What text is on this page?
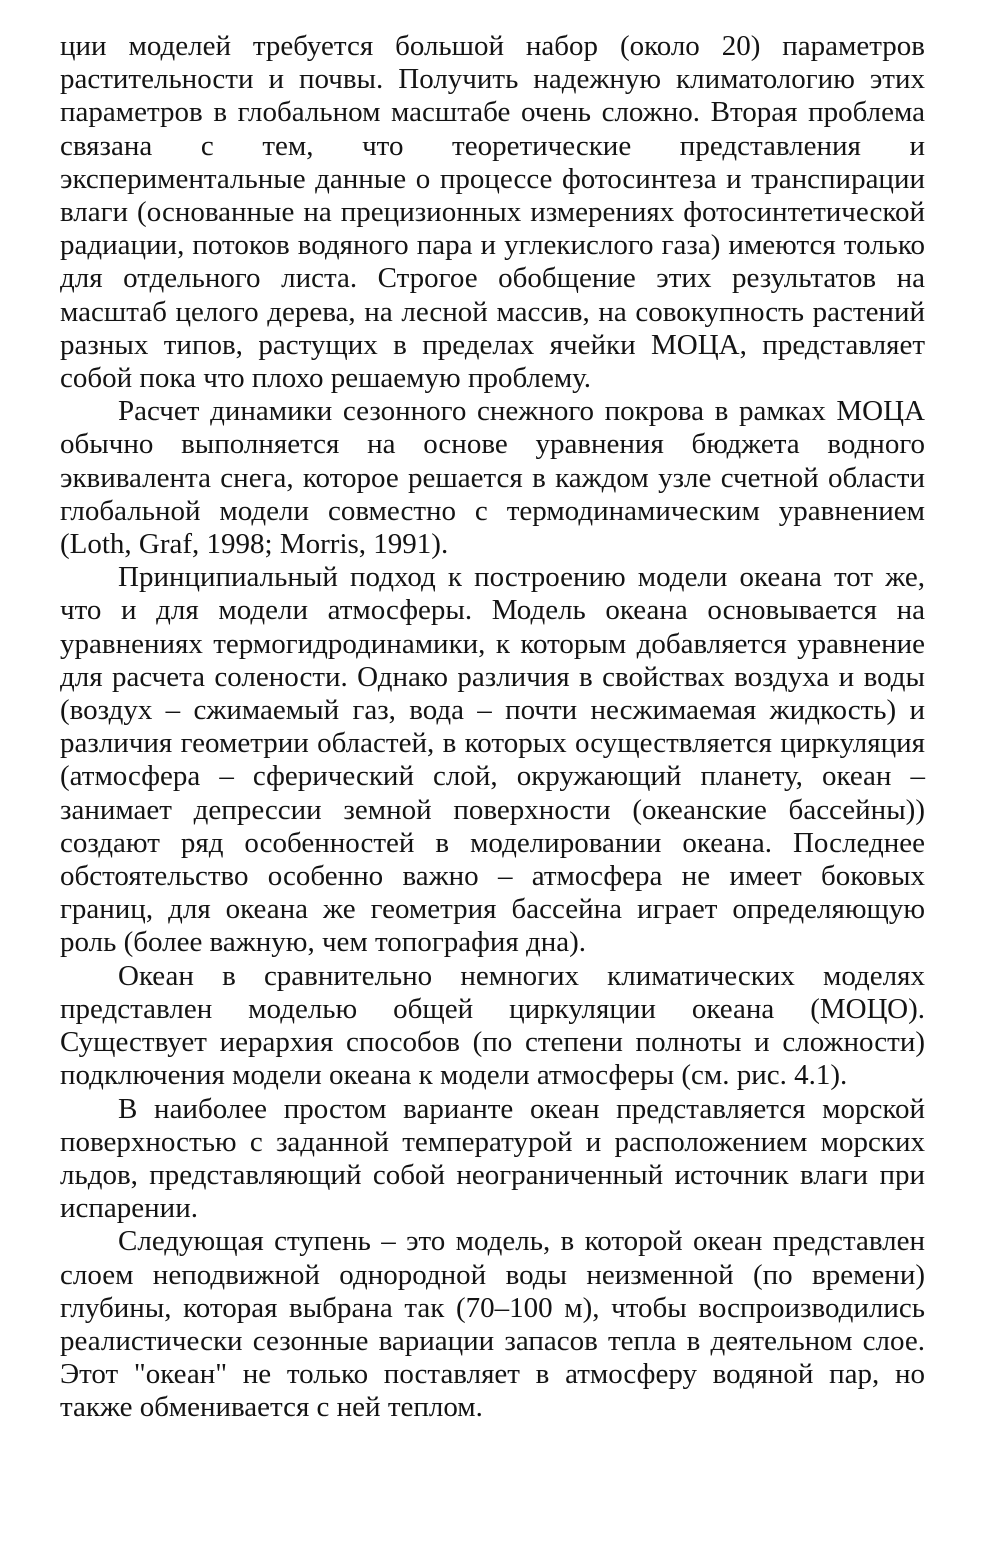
ции моделей требуется большой набор (около 20) параметров растительности и почвы. Получить надежную климатологию этих параметров в глобальном масштабе очень сложно. Вторая проблема связана с тем, что теоретические представления и экспериментальные данные о процессе фотосинтеза и транспирации влаги (основанные на прецизионных измерениях фотосинтетической радиации, потоков водяного пара и углекислого газа) имеются только для отдельного листа. Строгое обобщение этих результатов на масштаб целого дерева, на лесной массив, на совокупность растений разных типов, растущих в пределах ячейки МОЦА, представляет собой пока что плохо решаемую проблему.

Расчет динамики сезонного снежного покрова в рамках МОЦА обычно выполняется на основе уравнения бюджета водного эквивалента снега, которое решается в каждом узле счетной области глобальной модели совместно с термодинамическим уравнением (Loth, Graf, 1998; Morris, 1991).

Принципиальный подход к построению модели океана тот же, что и для модели атмосферы. Модель океана основывается на уравнениях термогидродинамики, к которым добавляется уравнение для расчета солености. Однако различия в свойствах воздуха и воды (воздух – сжимаемый газ, вода – почти несжимаемая жидкость) и различия геометрии областей, в которых осуществляется циркуляция (атмосфера – сферический слой, окружающий планету, океан – занимает депрессии земной поверхности (океанские бассейны)) создают ряд особенностей в моделировании океана. Последнее обстоятельство особенно важно – атмосфера не имеет боковых границ, для океана же геометрия бассейна играет определяющую роль (более важную, чем топография дна).

Океан в сравнительно немногих климатических моделях представлен моделью общей циркуляции океана (МОЦО). Существует иерархия способов (по степени полноты и сложности) подключения модели океана к модели атмосферы (см. рис. 4.1).

В наиболее простом варианте океан представляется морской поверхностью с заданной температурой и расположением морских льдов, представляющий собой неограниченный источник влаги при испарении.

Следующая ступень – это модель, в которой океан представлен слоем неподвижной однородной воды неизменной (по времени) глубины, которая выбрана так (70–100 м), чтобы воспроизводились реалистически сезонные вариации запасов тепла в деятельном слое. Этот "океан" не только поставляет в атмосферу водяной пар, но также обменивается с ней теплом.
